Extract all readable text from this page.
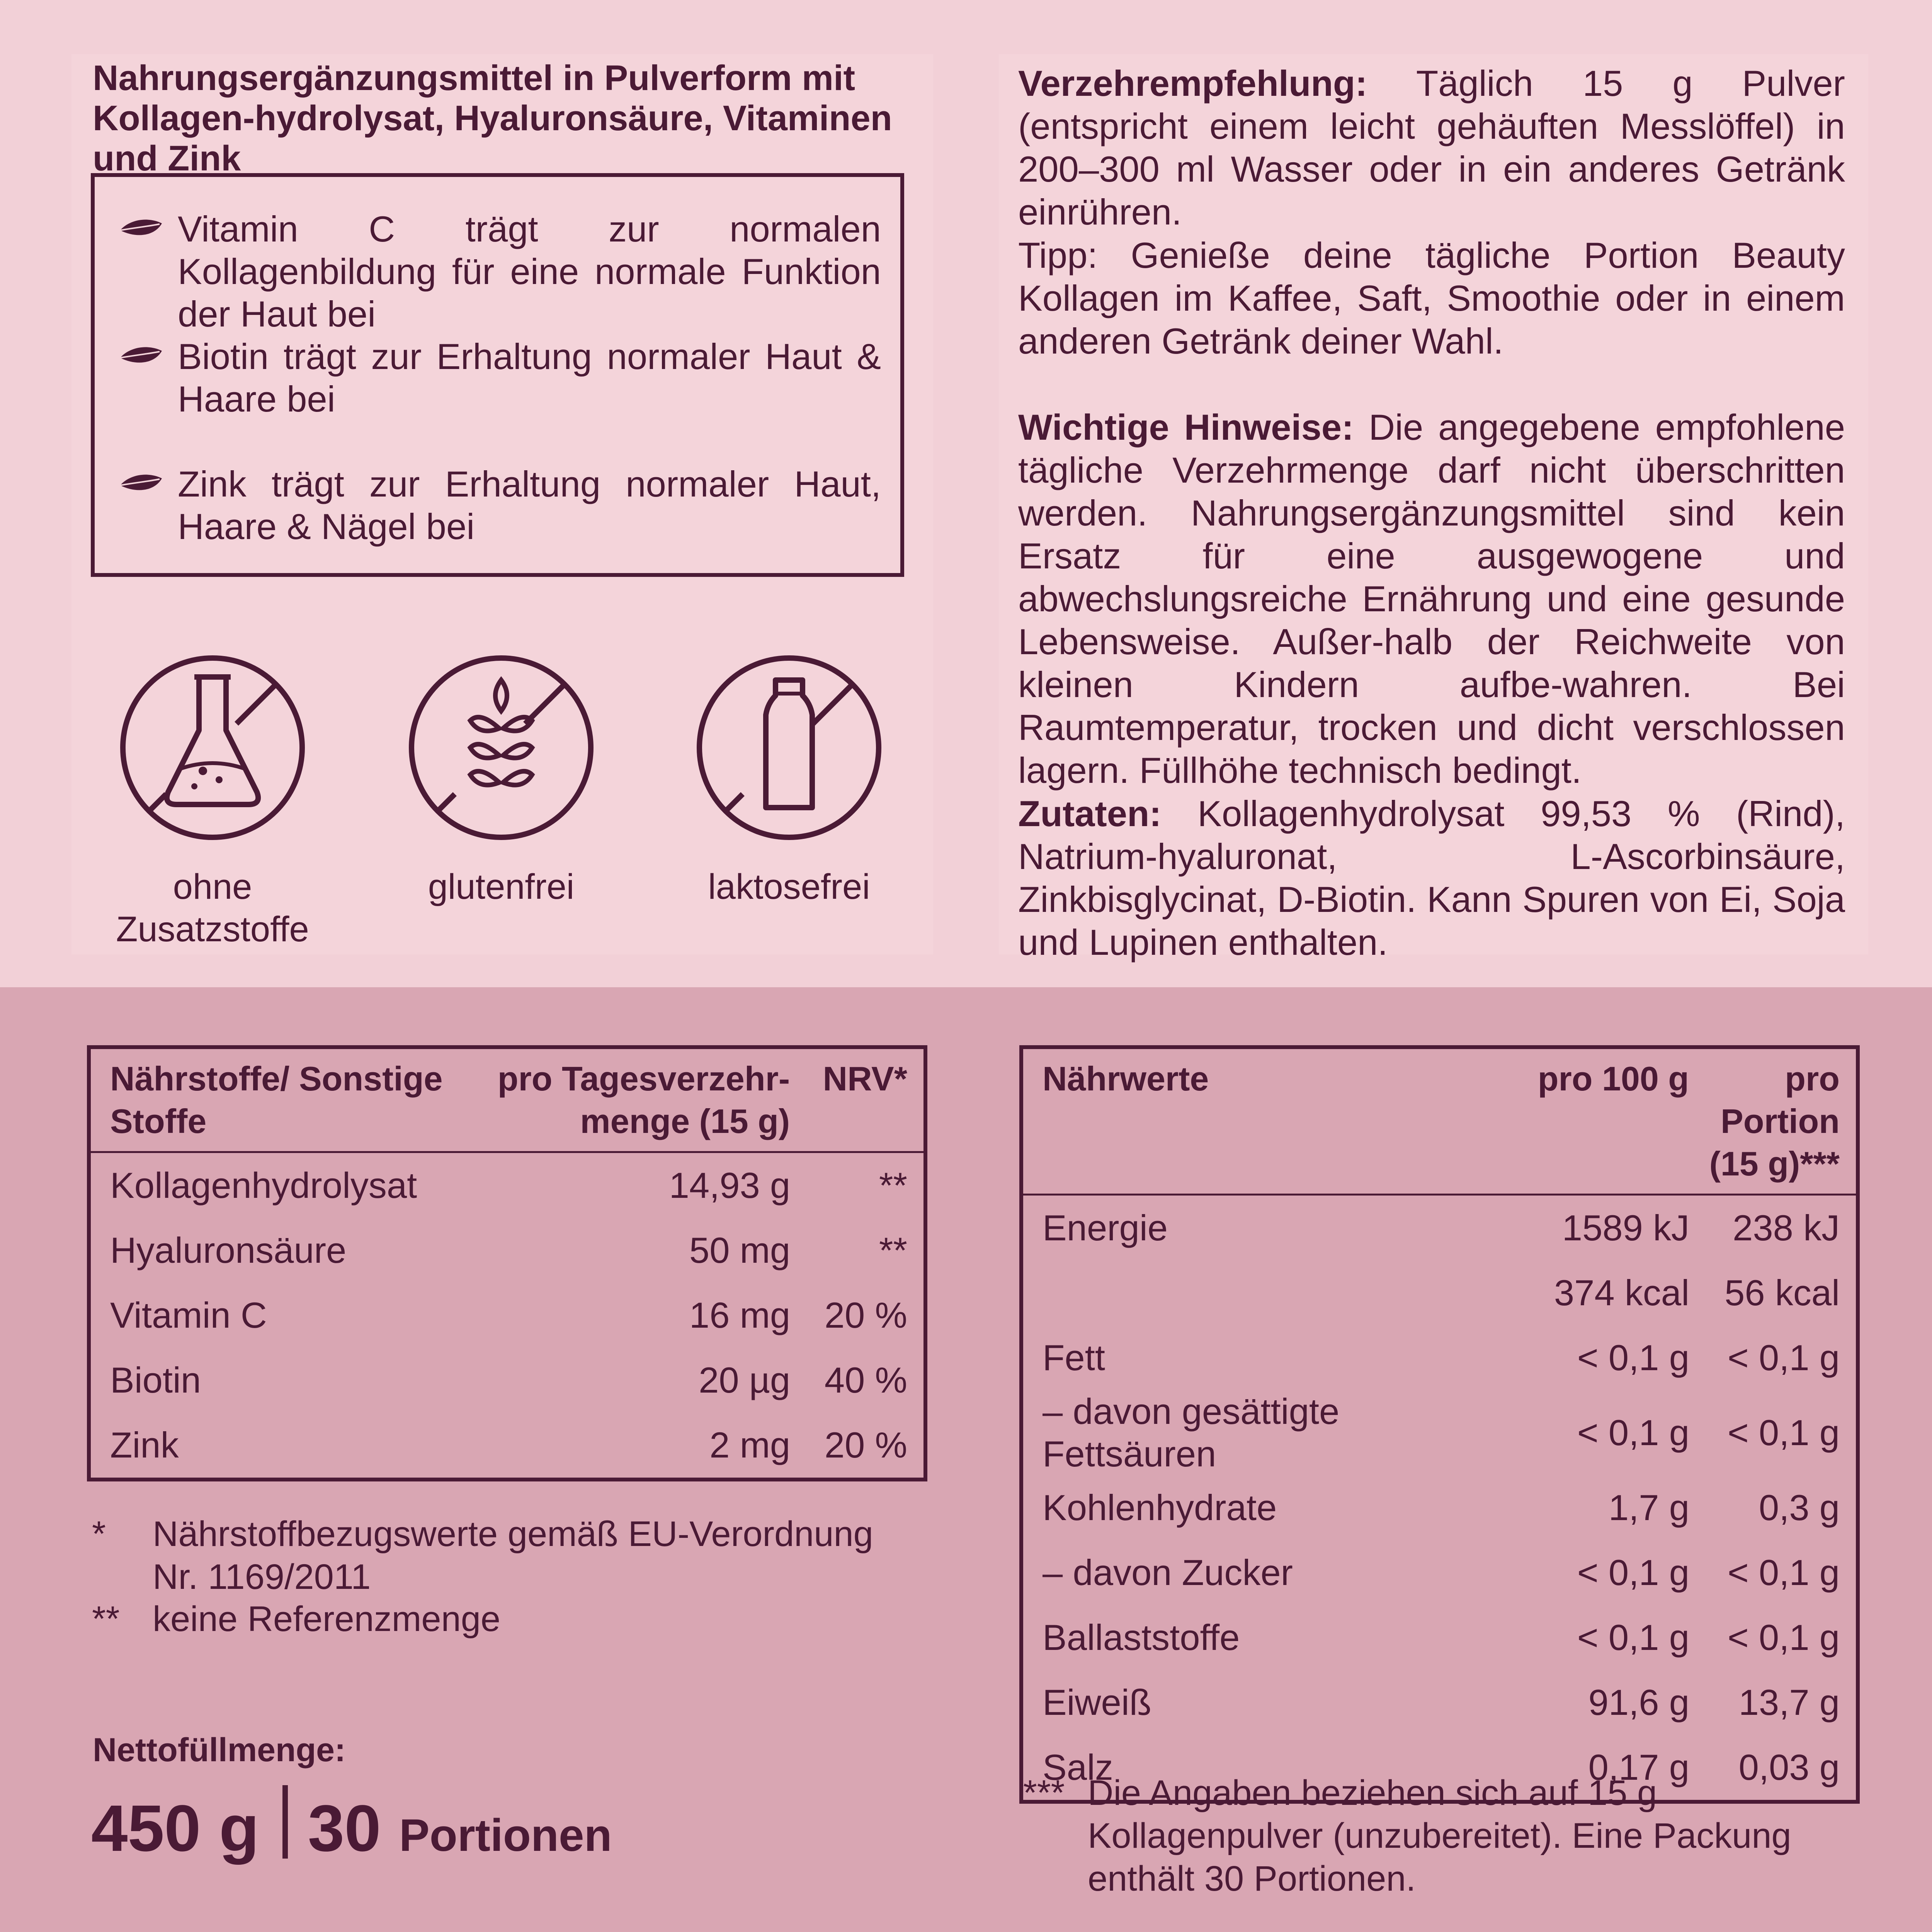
Nahrungsergänzungsmittel in Pulverform mit Kollagen-hydrolysat, Hyaluronsäure, Vitaminen und Zink
Vitamin C trägt zur normalen Kollagenbildung für eine normale Funktion der Haut bei
Biotin trägt zur Erhaltung normaler Haut & Haare bei
Zink trägt zur Erhaltung normaler Haut, Haare & Nägel bei
ohne Zusatzstoffe
glutenfrei	laktosefrei
Verzehrempfehlung: Täglich 15 g Pulver (entspricht einem leicht gehäuften Messlöffel) in 200–300 ml Wasser oder in ein anderes Getränk einrühren.
Tipp: Genieße deine tägliche Portion Beauty Kollagen im Kaffee, Saft, Smoothie oder in einem anderen Getränk deiner Wahl.
Wichtige Hinweise: Die angegebene empfohlene tägliche Verzehrmenge darf nicht überschritten werden. Nahrungsergänzungsmittel sind kein Ersatz für eine ausgewogene und abwechslungsreiche Ernährung und eine gesunde Lebensweise. Außer-halb der Reichweite von kleinen Kindern aufbe-wahren. Bei Raumtemperatur, trocken und dicht verschlossen lagern. Füllhöhe technisch bedingt.
Zutaten: Kollagenhydrolysat 99,53 % (Rind), Natrium-hyaluronat, L-Ascorbinsäure, Zinkbisglycinat, D-Biotin. Kann Spuren von Ei, Soja und Lupinen enthalten.
Nährstoffe/ Sonstige Stoffe	pro Tagesverzehr-menge (15 g)	NRV*
Kollagenhydrolysat	14,93 g	**
Hyaluronsäure	50 mg	**
Vitamin C	16 mg	20 %
Biotin	20 µg	40 %
Zink	2 mg	20 %
* Nährstoffbezugswerte gemäß EU-Verordnung Nr. 1169/2011
** keine Referenzmenge
Nettofüllmenge:
450 g 30 Portionen
Nährwerte	pro 100 g	pro Portion (15 g)***
Energie	1589 kJ	238 kJ
	374 kcal	56 kcal
Fett	< 0,1 g	< 0,1 g
– davon gesättigte Fettsäuren	< 0,1 g	< 0,1 g
Kohlenhydrate	1,7 g	0,3 g
– davon Zucker	< 0,1 g	< 0,1 g
Ballaststoffe	< 0,1 g	< 0,1 g
Eiweiß	91,6 g	13,7 g
Salz	0,17 g	0,03 g
*** Die Angaben beziehen sich auf 15 g Kollagenpulver (unzubereitet). Eine Packung enthält 30 Portionen.
